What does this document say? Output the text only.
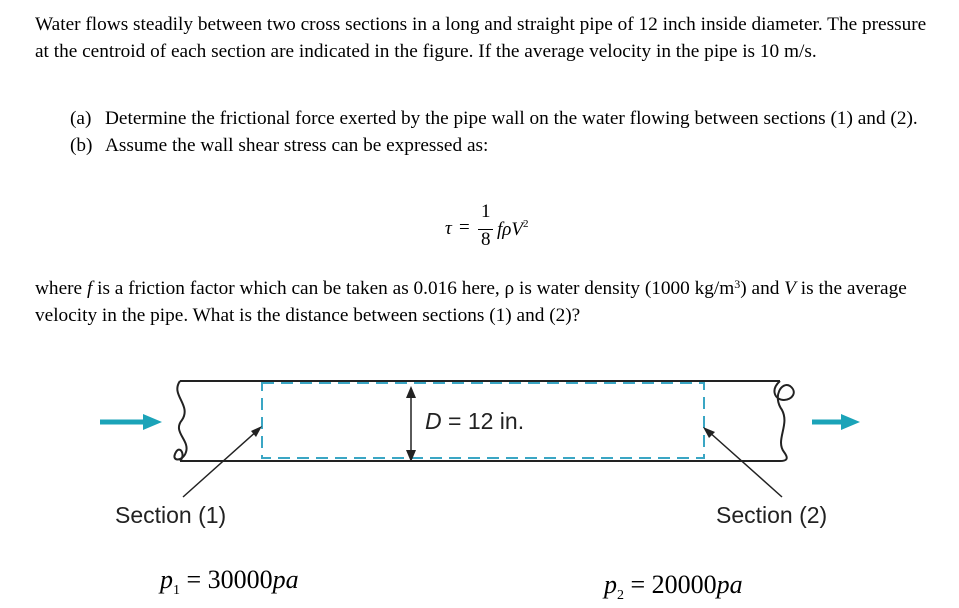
Water flows steadily between two cross sections in a long and straight pipe of 12 inch inside diameter. The pressure at the centroid of each section are indicated in the figure. If the average velocity in the pipe is 10 m/s.
(a) Determine the frictional force exerted by the pipe wall on the water flowing between sections (1) and (2).
(b) Assume the wall shear stress can be expressed as:
τ =
1
8 fρV$^2$
where f is a friction factor which can be taken as 0.016 here, ρ is water density (1000 $kg/m^3$) and V is the average velocity in the pipe. What is the distance between sections (1) and (2)?
D = 12 in.
Section (1)	Section (2)
$p_1 = 30000pa$	$p_2 = 20000pa$
